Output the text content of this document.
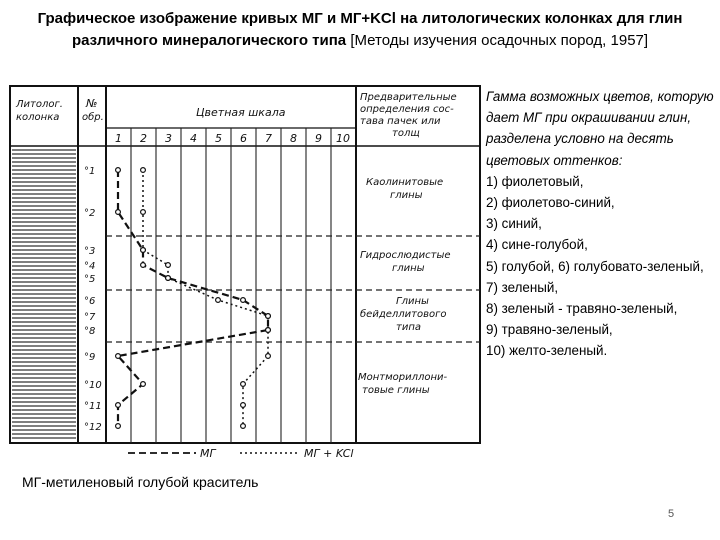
Графическое изображение кривых МГ и МГ+KCl на литологических колонках для глин различного минералогического типа [Методы изучения осадочных пород, 1957]
Литолог.
колонка
№
обр.	Цветная шкала
Предварительные
определения сос-
тава пачек или
толщ
1 2 3 4 5 6 7 8 9 10
°1
°2
°3
°4
°5
°6
°7
°8
°9
°10
°11
°12
Каолинитовые
глины
Гидрослюдистые
глины
Глины
бейделлитового
типа
Монтмориллони-
товые глины
МГ	МГ + KCl
Гамма возможных цветов, которую дает МГ при окрашивании глин, разделена условно на десять цветовых оттенков:
1) фиолетовый,
2) фиолетово-синий,
3) синий,
4) сине-голубой,
5) голубой, 6) голубовато-зеленый, 7) зеленый,
8) зеленый - травяно-зеленый,
9) травяно-зеленый,
10) желто-зеленый.
МГ-метиленовый голубой краситель
5
